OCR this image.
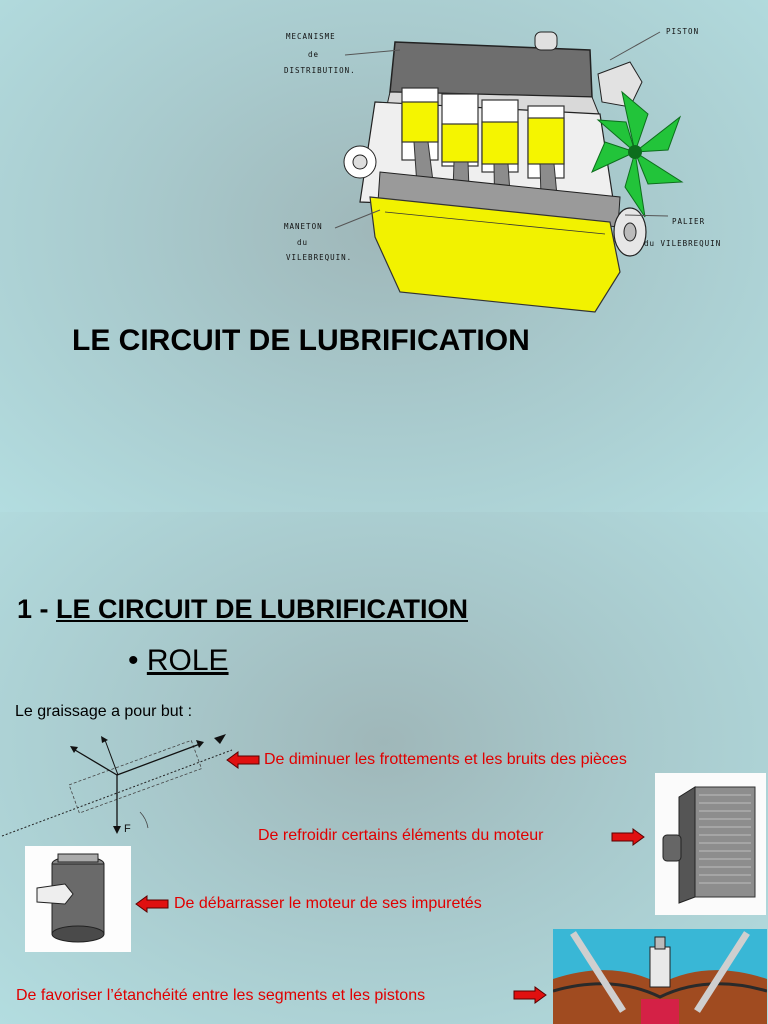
MECANISME
de
DISTRIBUTION.
PISTON
MANETON
du
VILEBREQUIN.
PALIER
du VILEBREQUIN
LE CIRCUIT DE LUBRIFICATION
1 - LE CIRCUIT DE LUBRIFICATION
• ROLE
Le graissage a pour but :
F
De diminuer les frottements et les bruits des pièces
De refroidir certains éléments du moteur
De débarrasser le moteur de ses impuretés
De favoriser l’étanchéité entre les segments et les pistons
